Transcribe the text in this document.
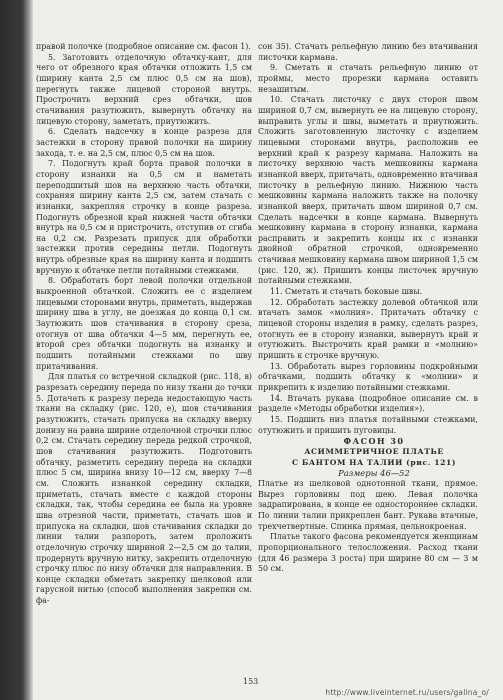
правой полочке (подробное описание см. фасон 1).

5. Заготовить отделочную обтачку-кант, для чего от обрезного края обтачки отложить 1,5 см (ширину канта 2,5 см плюс 0,5 см на шов), перегнуть также лицевой стороной внутрь. Прострочить верхний срез обтачки, шов стачивания разутюжить, вывернуть обтачку на лицевую сторону, заметать, приутюжить.

6. Сделать надсечку в конце разреза для застежки в сторону правой полочки на ширину захода, т. е. на 2,5 см, плюс 0,5 см на шов.

7. Подогнуть край борта правой полочки в сторону изнанки на 0,5 см и наметать переподшитый шов на верхнюю часть обтачки, сохраняя ширину канта 2,5 см, затем стачать с изнанки, закрепляя строчку в конце разреза. Подогнуть обрезной край нижней части обтачки внутрь на 0,5 см и пристрочить, отступив от сгиба на 0,2 см. Разрезать припуск для обработки застежки против середины петли. Подогнуть внутрь обрезные края на ширину канта и подшить вручную к обтачке петли потайными стежками.

8. Обработать борт левой полочки отдельной выкроенной обтачкой. Сложить ее с изделием лицевыми сторонами внутрь, приметать, выдержав ширину шва в углу, не доезжая до конца 0,1 см. Заутюжить шов стачивания в сторону среза, отогнув от шва обтачки 4—5 мм, перегнуть ее, второй срез обтачки подогнуть на изнанку и подшить потайными стежками по шву притачивания.

Для платья со встречной складкой (рис. 118, в) разрезать середину переда по низу ткани до точки 5. Дотачать к разрезу переда недостающую часть ткани на складку (рис. 120, е), шов стачивания разутюжить, стачать припуска на складку вверху донизу на равна ширине отделочной строчки плюс 0,2 см. Стачать середину переда редкой строчкой, шов стачивания разутюжить. Подготовить обтачку, разметить середину переда на складки плюс 5 см, ширина внизу 10—12 см, вверху 7—8 см. Сложить изнанкой середину складки, приметать, стачать вместе с каждой стороны складки, так, чтобы середина ее была на уровне шва отрезной части, приметать, стачать шов и припуска на складки, шов стачивания складки до линии талии разпороть, затем проложить отделочную строчку шириной 2—2,5 см до талии, продернуть вручную нитку, закрепить отделочную строчку плюс по низу обтачки для направления. В конце складки обметать закрепку шелковой или гарусной нитью (способ выполнения закрепки см. фа-

сон 35). Стачать рельефную линию без втачивания листочки кармана.

9. Сметать и стачать рельефную линию от проймы, место прорезки кармана оставить незашитым.

10. Стачать листочку с двух сторон швом шириной 0,7 см, вывернуть ее на лицевую сторону, выправить углы и швы, выметать и приутюжить. Сложить заготовленную листочку с изделием лицевыми сторонами внутрь, расположив ее верхний край к разрезу кармана. Наложить на листочку верхнюю часть мешковины кармана изнанкой вверх, притачать, одновременно втачивая листочку в рельефную линию. Нижнюю часть мешковины кармана наложить также на полочку изнанкой вверх, притачать швом шириной 0,7 см. Сделать надсечки в конце кармана. Вывернуть мешковину кармана в сторону изнанки, кармана расправить и закрепить концы их с изнанки двойной обратной строчкой, одновременно стачивая мешковину кармана швом шириной 1,5 см (рис. 120, ж). Пришить концы листочек вручную потайными стежками.

11. Сметать и стачать боковые швы.

12. Обработать застежку долевой обтачкой или втачать замок «молния». Притачать обтачку с лицевой стороны изделия в рамку, сделать разрез, отогнуть ее в сторону изнанки, вывернуть край и отутюжить. Выстрочить край рамки и «молнию» пришить к строчке вручную.

13. Обработать вырез горловины подкройными обтачками, подшить обтачку к «молнии» и прикрепить к изделию потайными стежками.

14. Втачать рукава (подробное описание см. в разделе «Методы обработки изделия»).

15. Подшить низ платья потайными стежками, отутюжить и пришить пуговицы.

ФАСОН 30

АСИММЕТРИЧНОЕ ПЛАТЬЕ

С БАНТОМ НА ТАЛИИ (рис. 121)

Размеры 46—52

Платье из шелковой однотонной ткани, прямое. Вырез горловины под шею. Левая полочка задрапирована, в конце ее одностороннее складки. По линии талии прикреплен бант. Рукава втачные, трехчетвертные. Спинка прямая, цельнокроеная.

Платье такого фасона рекомендуется женщинам пропорционального телосложения. Расход ткани (для 46 размера 3 роста) при ширине 80 см — 3 м 50 см.

153
http://www.liveinternet.ru/users/galina_o/
